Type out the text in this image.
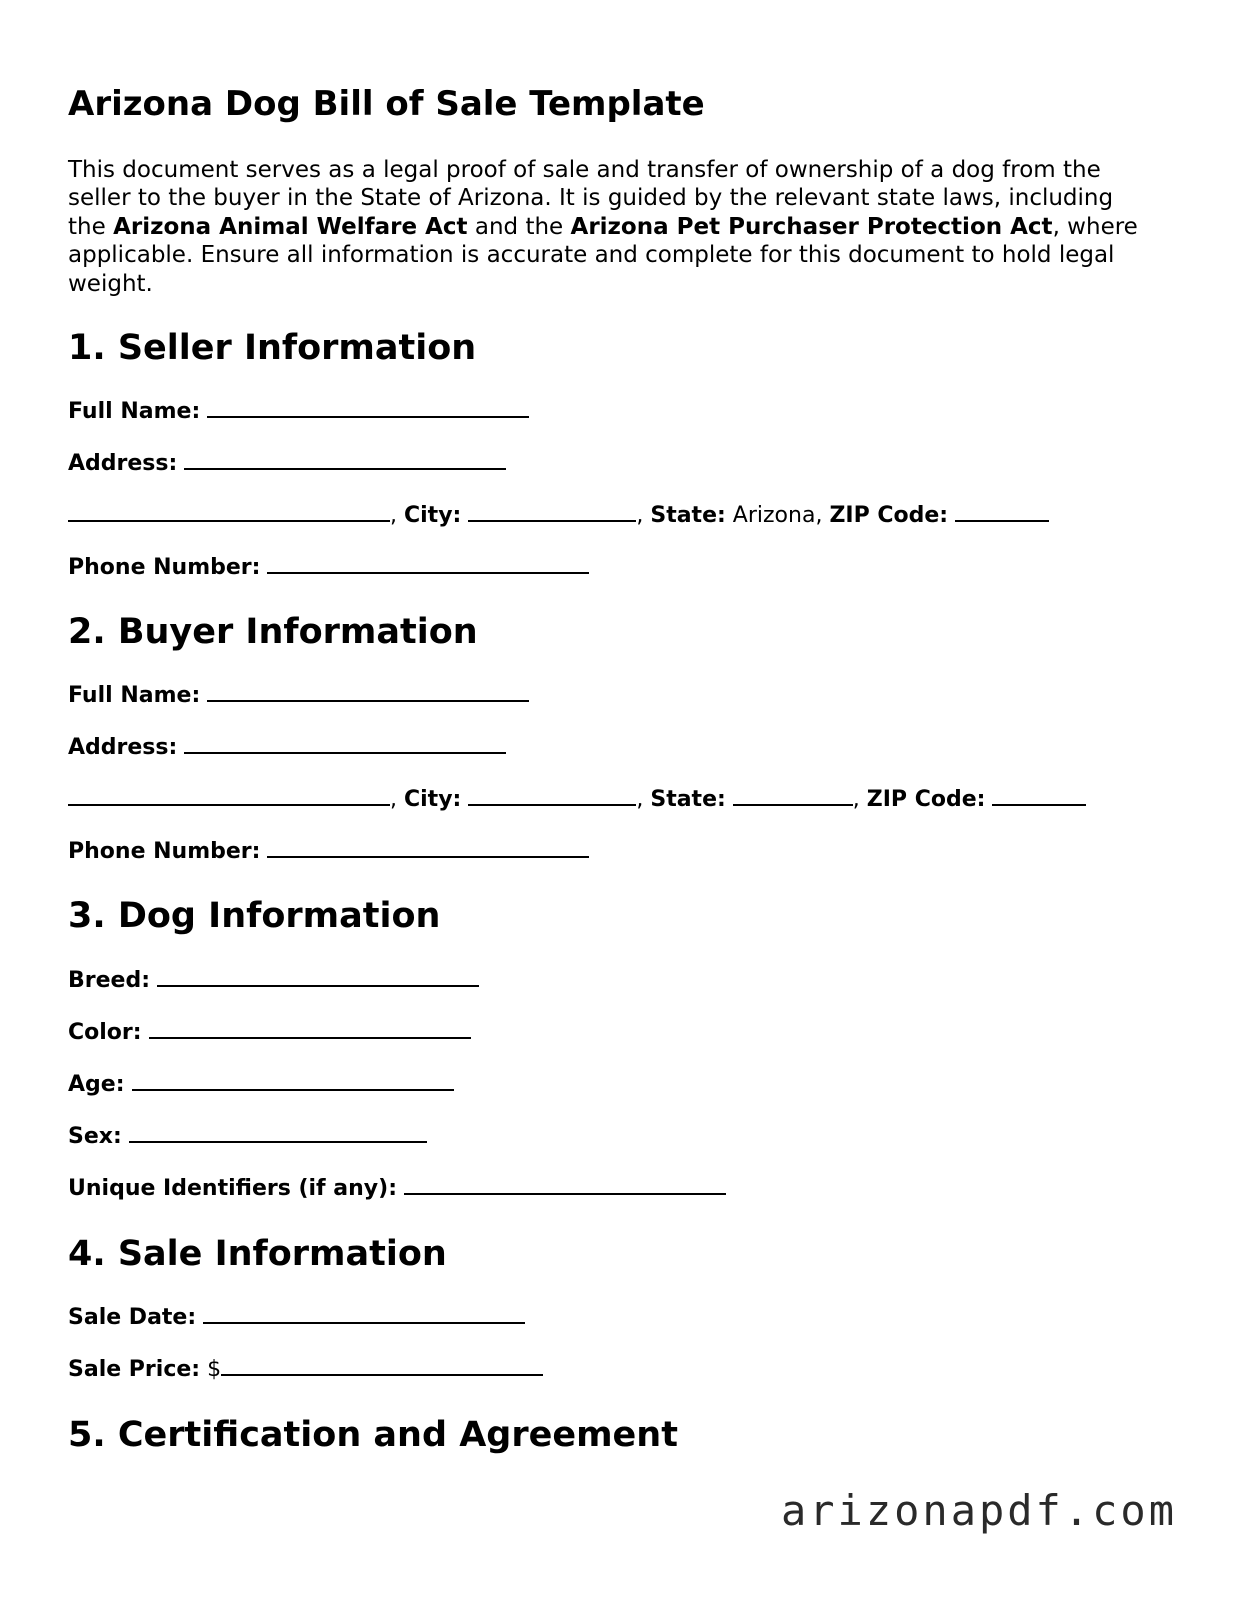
Arizona Dog Bill of Sale Template

This document serves as a legal proof of sale and transfer of ownership of a dog from the seller to the buyer in the State of Arizona. It is guided by the relevant state laws, including the Arizona Animal Welfare Act and the Arizona Pet Purchaser Protection Act, where applicable. Ensure all information is accurate and complete for this document to hold legal weight.

1. Seller Information
Full Name:
Address:
, City:	, State: Arizona, ZIP Code:
Phone Number:
2. Buyer Information
Full Name:
Address:
, City:	, State:	, ZIP Code:
Phone Number:
3. Dog Information
Breed:
Color:
Age:
Sex:
Unique Identifiers (if any):
4. Sale Information
Sale Date:
Sale Price: $
5. Certification and Agreement
arizonapdf.com
